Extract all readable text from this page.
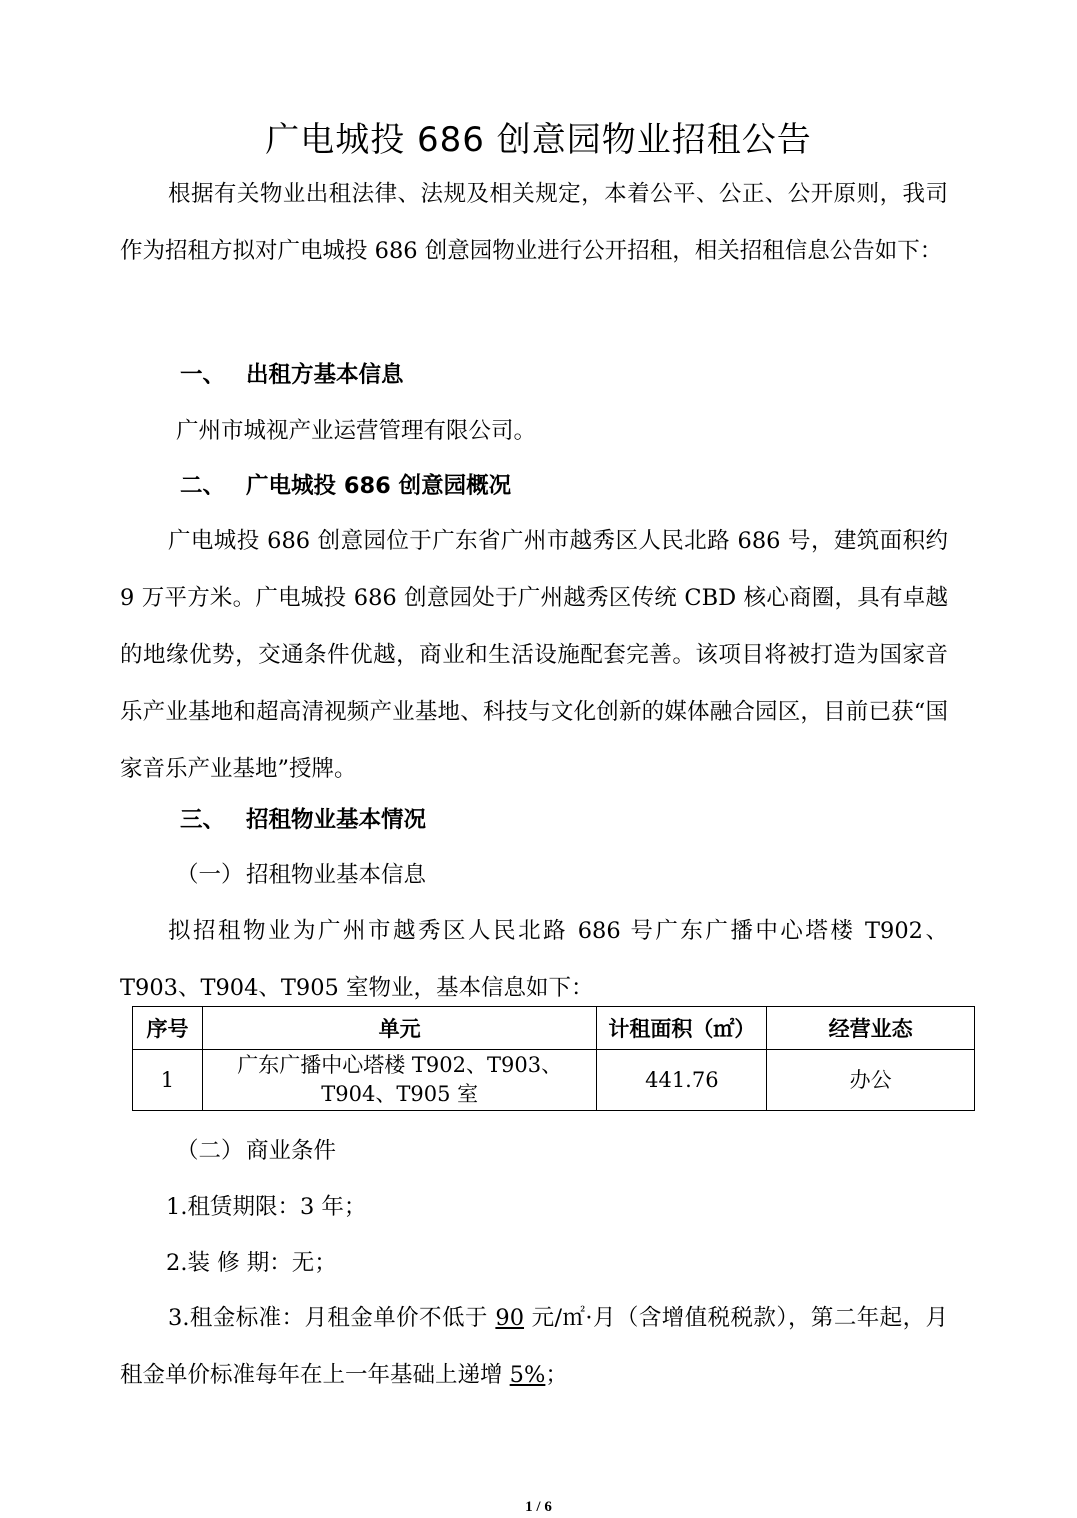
广电城投 686 创意园物业招租公告

根据有关物业出租法律、法规及相关规定，本着公平、公正、公开原则，我司作为招租方拟对广电城投 686 创意园物业进行公开招租，相关招租信息公告如下：

一、 出租方基本信息

广州市城视产业运营管理有限公司。

二、 广电城投 686 创意园概况

广电城投 686 创意园位于广东省广州市越秀区人民北路 686 号，建筑面积约 9 万平方米。广电城投 686 创意园处于广州越秀区传统 CBD 核心商圈，具有卓越的地缘优势，交通条件优越，商业和生活设施配套完善。该项目将被打造为国家音乐产业基地和超高清视频产业基地、科技与文化创新的媒体融合园区，目前已获“国家音乐产业基地”授牌。

三、 招租物业基本情况
（一） 招租物业基本信息

拟招租物业为广州市越秀区人民北路 686 号广东广播中心塔楼 T902、T903、T904、T905 室物业，基本信息如下：

序号	单元	计租面积（㎡）	经营业态
1	广东广播中心塔楼 T902、T903、T904、T905 室	441.76	办公
（二） 商业条件

1.租赁期限：3 年；

2.装 修 期：无；

3.租金标准：月租金单价不低于 90 元/㎡·月（含增值税税款），第二年起，月租金单价标准每年在上一年基础上递增 5%；

1 / 6
